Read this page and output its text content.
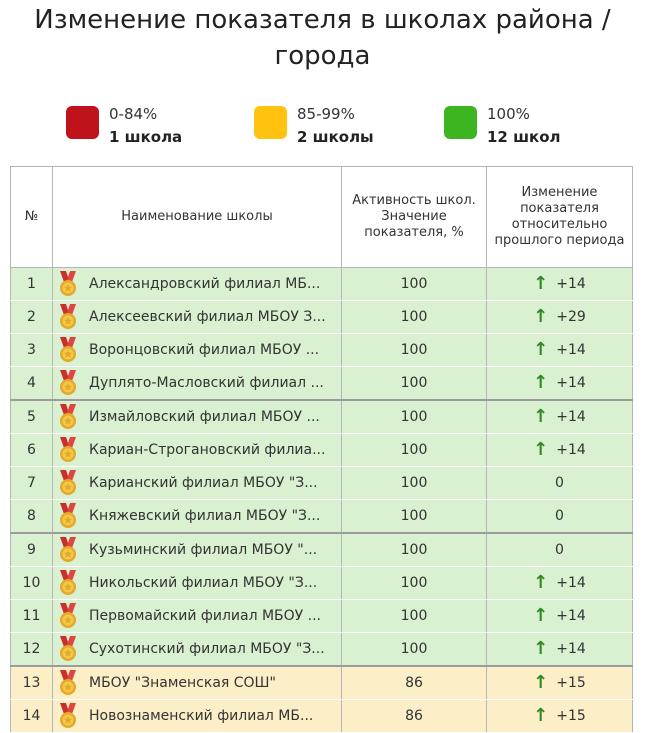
Изменение показателя в школах района / города
0-84%
1 школа
85-99%
2 школы
100%
12 школ
№	Наименование школы	Активность школ. Значение показателя, %	Изменение показателя относительно прошлого периода
1	Александровский филиал МБ...	100	↑ +14

2	Алексеевский филиал МБОУ З...	100	↑ +29

3	Воронцовский филиал МБОУ ...	100	↑ +14

4	Дуплято-Масловский филиал ...	100	↑ +14

5	Измайловский филиал МБОУ ...	100	↑ +14

6	Кариан-Строгановский филиа...	100	↑ +14

7	Карианский филиал МБОУ "З...	100	0

8	Княжевский филиал МБОУ "З...	100	0

9	Кузьминский филиал МБОУ "...	100	0

10	Никольский филиал МБОУ "З...	100	↑ +14

11	Первомайский филиал МБОУ ...	100	↑ +14

12	Сухотинский филиал МБОУ "З...	100	↑ +14

13	МБОУ "Знаменская СОШ"	86	↑ +15

14	Новознаменский филиал МБ...	86	↑ +15
